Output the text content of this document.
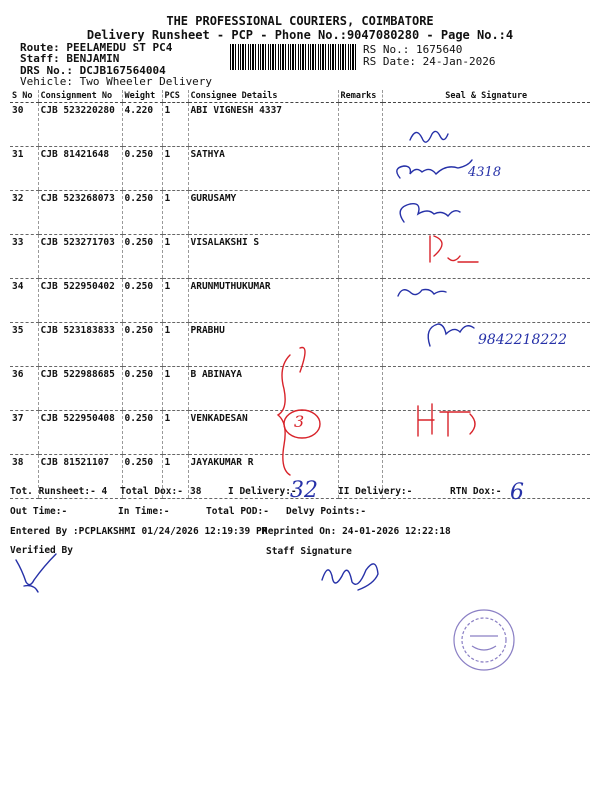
THE PROFESSIONAL COURIERS, COIMBATORE
Delivery Runsheet - PCP - Phone No.:9047080280 - Page No.:4
Route: PEELAMEDU ST PC4
Staff: BENJAMIN
DRS No.: DCJB167564004
Vehicle: Two Wheeler Delivery
RS No.: 1675640
RS Date: 24-Jan-2026
S No	Consignment No	Weight	PCS	Consignee Details	Remarks	Seal & Signature
30	CJB 523220280	4.220	1	ABI VIGNESH 4337		
31	CJB 81421648	0.250	1	SATHYA		
32	CJB 523268073	0.250	1	GURUSAMY		
33	CJB 523271703	0.250	1	VISALAKSHI S		
34	CJB 522950402	0.250	1	ARUNMUTHUKUMAR		
35	CJB 523183833	0.250	1	PRABHU		
36	CJB 522988685	0.250	1	B ABINAYA		
37	CJB 522950408	0.250	1	VENKADESAN		
38	CJB 81521107	0.250	1	JAYAKUMAR R		
Tot. Runsheet:- 4 Total Dox:- 38	I Delivery:-	II Delivery:-	RTN Dox:-
Out Time:-	In Time:-	Total POD:- Delvy Points:-
Entered By :PCPLAKSHMI 01/24/2026 12:19:39 PM
Reprinted On: 24-01-2026 12:22:18
Verified By	Staff Signature
32	6
9842218222
4318
3
